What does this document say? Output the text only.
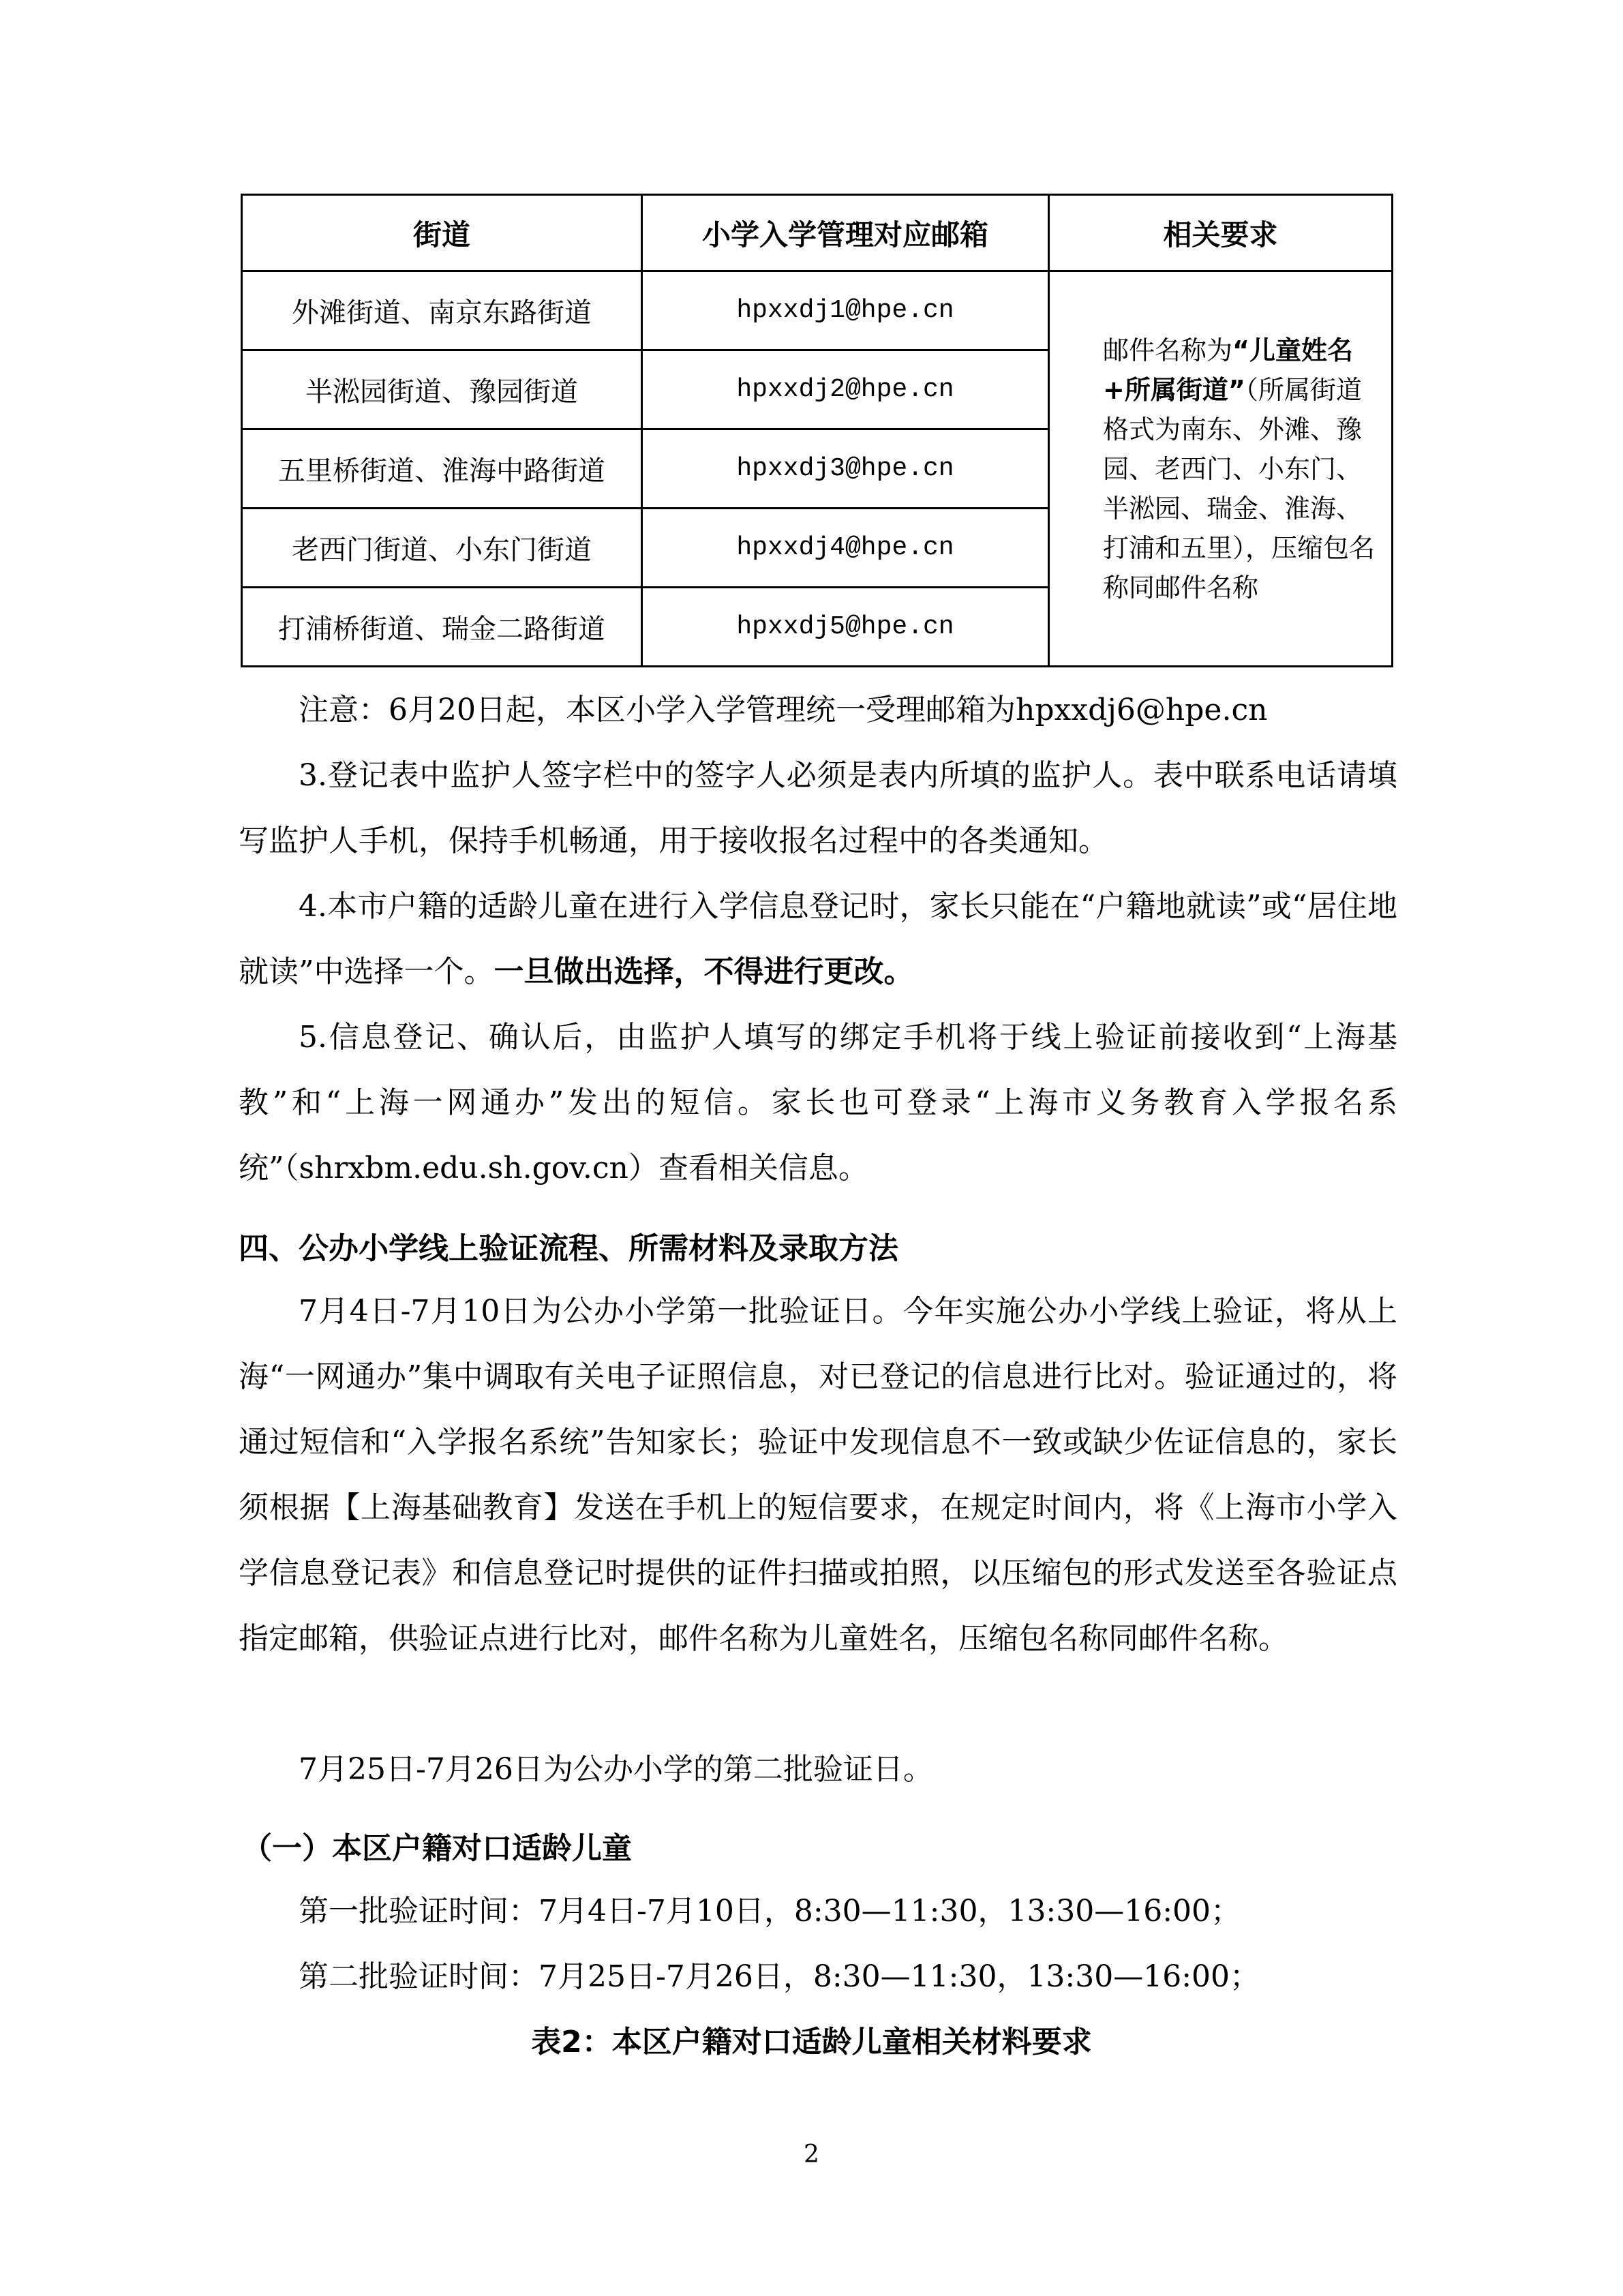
街道	小学入学管理对应邮箱	相关要求
外滩街道、南京东路街道	hpxxdj1@hpe.cn	邮件名称为“儿童姓名+所属街道”（所属街道格式为南东、外滩、豫园、老西门、小东门、半淞园、瑞金、淮海、打浦和五里），压缩包名称同邮件名称
半淞园街道、豫园街道	hpxxdj2@hpe.cn	
五里桥街道、淮海中路街道	hpxxdj3@hpe.cn	
老西门街道、小东门街道	hpxxdj4@hpe.cn	
打浦桥街道、瑞金二路街道	hpxxdj5@hpe.cn	

注意：6月20日起，本区小学入学管理统一受理邮箱为hpxxdj6@hpe.cn

3.登记表中监护人签字栏中的签字人必须是表内所填的监护人。表中联系电话请填写监护人手机，保持手机畅通，用于接收报名过程中的各类通知。

4.本市户籍的适龄儿童在进行入学信息登记时，家长只能在“户籍地就读”或“居住地就读”中选择一个。一旦做出选择，不得进行更改。

5.信息登记、确认后，由监护人填写的绑定手机将于线上验证前接收到“上海基教”和“上海一网通办”发出的短信。家长也可登录“上海市义务教育入学报名系统”（shrxbm.edu.sh.gov.cn）查看相关信息。

四、公办小学线上验证流程、所需材料及录取方法

7月4日-7月10日为公办小学第一批验证日。今年实施公办小学线上验证，将从上海“一网通办”集中调取有关电子证照信息，对已登记的信息进行比对。验证通过的，将通过短信和“入学报名系统”告知家长；验证中发现信息不一致或缺少佐证信息的，家长须根据【上海基础教育】发送在手机上的短信要求，在规定时间内，将《上海市小学入学信息登记表》和信息登记时提供的证件扫描或拍照，以压缩包的形式发送至各验证点指定邮箱，供验证点进行比对，邮件名称为儿童姓名，压缩包名称同邮件名称。

7月25日-7月26日为公办小学的第二批验证日。

（一）本区户籍对口适龄儿童

第一批验证时间：7月4日-7月10日，8:30—11:30，13:30—16:00；

第二批验证时间：7月25日-7月26日，8:30—11:30，13:30—16:00；

表2：本区户籍对口适龄儿童相关材料要求
2
